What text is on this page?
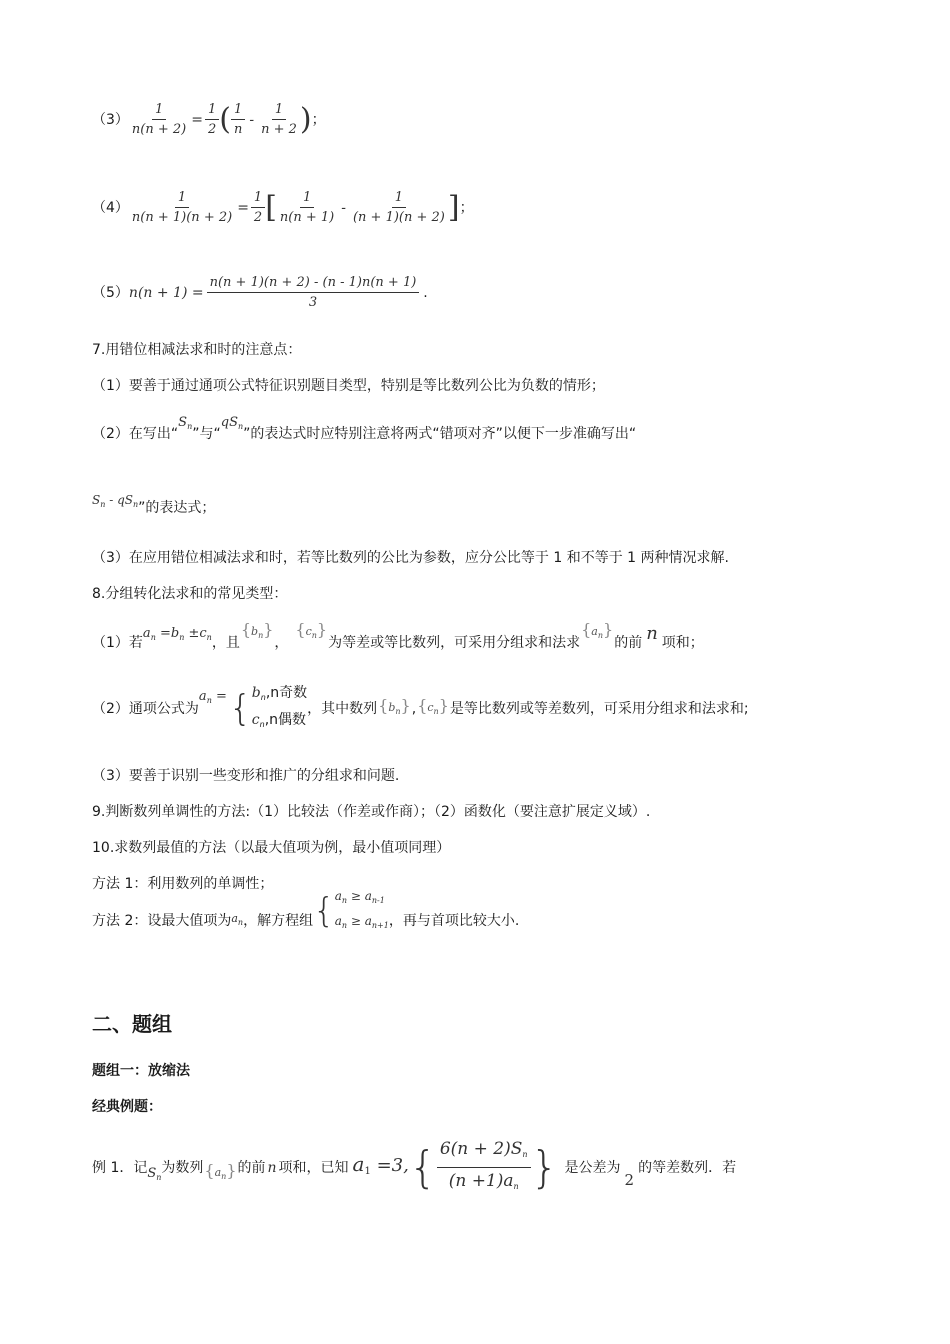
$(3) \frac{1}{n(n + 2)} = \frac{1}{2}$ ( $\frac{1}{n} - \frac{1}{n + 2}$ ) ；
$(4) \frac{1}{n(n + 1)(n + 2)} = \frac{1}{2}$ [ $\frac{1}{n(n + 1)} - \frac{1}{(n + 1)(n + 2)}$ ] ；
（5） $n(n + 1) = \frac{n(n + 1)(n + 2) - (n - 1)n(n + 1)}{3}$ .
7.用错位相减法求和时的注意点：
（1）要善于通过通项公式特征识别题目类型，特别是等比数列公比为负数的情形；
（2）在写出“$S_n$”与“$qS_n$”的表达式时应特别注意将两式“错项对齐”以便下一步准确写出“
$S_n - qS_n$”的表达式；
（3）在应用错位相减法求和时，若等比数列的公比为参数，应分公比等于 1 和不等于 1 两种情况求解.
8.分组转化法求和的常见类型：
（1）若$a_n =b_n \pm c_n$，且$\{b_n\}$，$\{c_n\}$为等差或等比数列，可采用分组求和法求$\{a_n\}$的前 n 项和；
（2）通项公式为
$a_n$ = { $b_n,n$奇数
$c_n,n$偶数
，其中数列 $\{b_n\}$ , $\{c_n\}$ 是等比数列或等差数列，可采用分组求和法求和;
（3）要善于识别一些变形和推广的分组求和问题.
9.判断数列单调性的方法:（1）比较法（作差或作商）；（2）函数化（要注意扩展定义域）.
10.求数列最值的方法（以最大值项为例，最小值项同理）
方法 1：利用数列的单调性；
方法 2：设最大值项为 $a_n$ ，解方程组 { $a_n \ge a_{n-1}$
$a_n \ge a_{n+1}$ ，再与首项比较大小.
二、题组
题组一：放缩法
经典例题：
例 1．记 $S_n$
为数列 $\{a_n\}$ 的前 n 项和，已知 $a_1 =3$, { $\frac{6(n + 2)S_n}{(n +1)a_n}$ } 是公差为
2
的等差数列．若
